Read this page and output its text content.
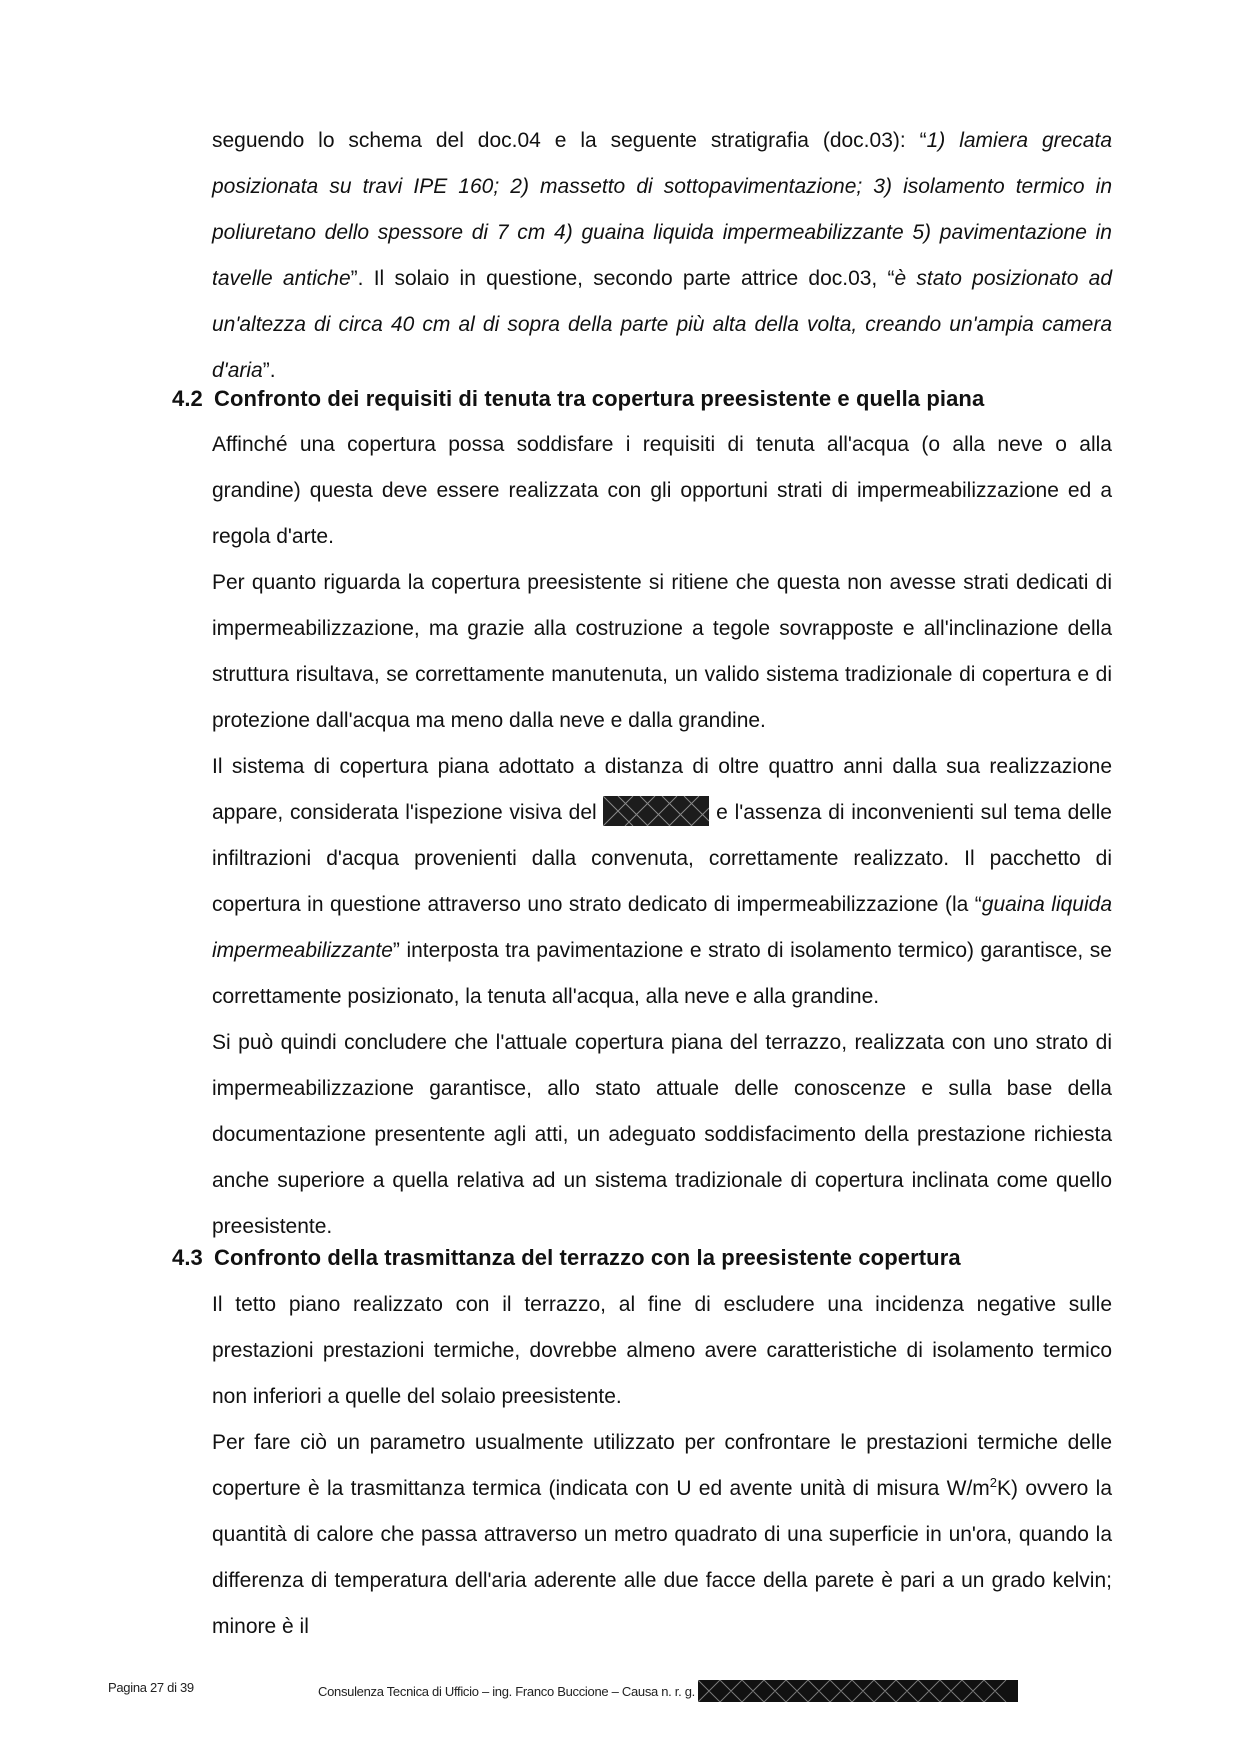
seguendo lo schema del doc.04 e la seguente stratigrafia (doc.03): “1) lamiera grecata posizionata su travi IPE 160; 2) massetto di sottopavimentazione; 3) isolamento termico in poliuretano dello spessore di 7 cm 4) guaina liquida impermeabilizzante 5) pavimentazione in tavelle antiche”. Il solaio in questione, secondo parte attrice doc.03, “è stato posizionato ad un'altezza di circa 40 cm al di sopra della parte più alta della volta, creando un'ampia camera d'aria”.

4.2 Confronto dei requisiti di tenuta tra copertura preesistente e quella piana

Affinché una copertura possa soddisfare i requisiti di tenuta all'acqua (o alla neve o alla grandine) questa deve essere realizzata con gli opportuni strati di impermeabilizzazione ed a regola d'arte.

Per quanto riguarda la copertura preesistente si ritiene che questa non avesse strati dedicati di impermeabilizzazione, ma grazie alla costruzione a tegole sovrapposte e all'inclinazione della struttura risultava, se correttamente manutenuta, un valido sistema tradizionale di copertura e di protezione dall'acqua ma meno dalla neve e dalla grandine.

Il sistema di copertura piana adottato a distanza di oltre quattro anni dalla sua realizzazione appare, considerata l'ispezione visiva del	e l'assenza di inconvenienti sul tema delle infiltrazioni d'acqua provenienti dalla convenuta, correttamente realizzato. Il pacchetto di copertura in questione attraverso uno strato dedicato di impermeabilizzazione (la “guaina liquida impermeabilizzante” interposta tra pavimentazione e strato di isolamento termico) garantisce, se correttamente posizionato, la tenuta all'acqua, alla neve e alla grandine.

Si può quindi concludere che l'attuale copertura piana del terrazzo, realizzata con uno strato di impermeabilizzazione garantisce, allo stato attuale delle conoscenze e sulla base della documentazione presentente agli atti, un adeguato soddisfacimento della prestazione richiesta anche superiore a quella relativa ad un sistema tradizionale di copertura inclinata come quello preesistente.

4.3 Confronto della trasmittanza del terrazzo con la preesistente copertura

Il tetto piano realizzato con il terrazzo, al fine di escludere una incidenza negative sulle prestazioni prestazioni termiche, dovrebbe almeno avere caratteristiche di isolamento termico non inferiori a quelle del solaio preesistente.

Per fare ciò un parametro usualmente utilizzato per confrontare le prestazioni termiche delle coperture è la trasmittanza termica (indicata con U ed avente unità di misura $W/m^2K$) ovvero la quantità di calore che passa attraverso un metro quadrato di una superficie in un'ora, quando la differenza di temperatura dell'aria aderente alle due facce della parete è pari a un grado kelvin; minore è il

Pagina 27 di 39	Consulenza Tecnica di Ufficio – ing. Franco Buccione – Causa n. r. g.
